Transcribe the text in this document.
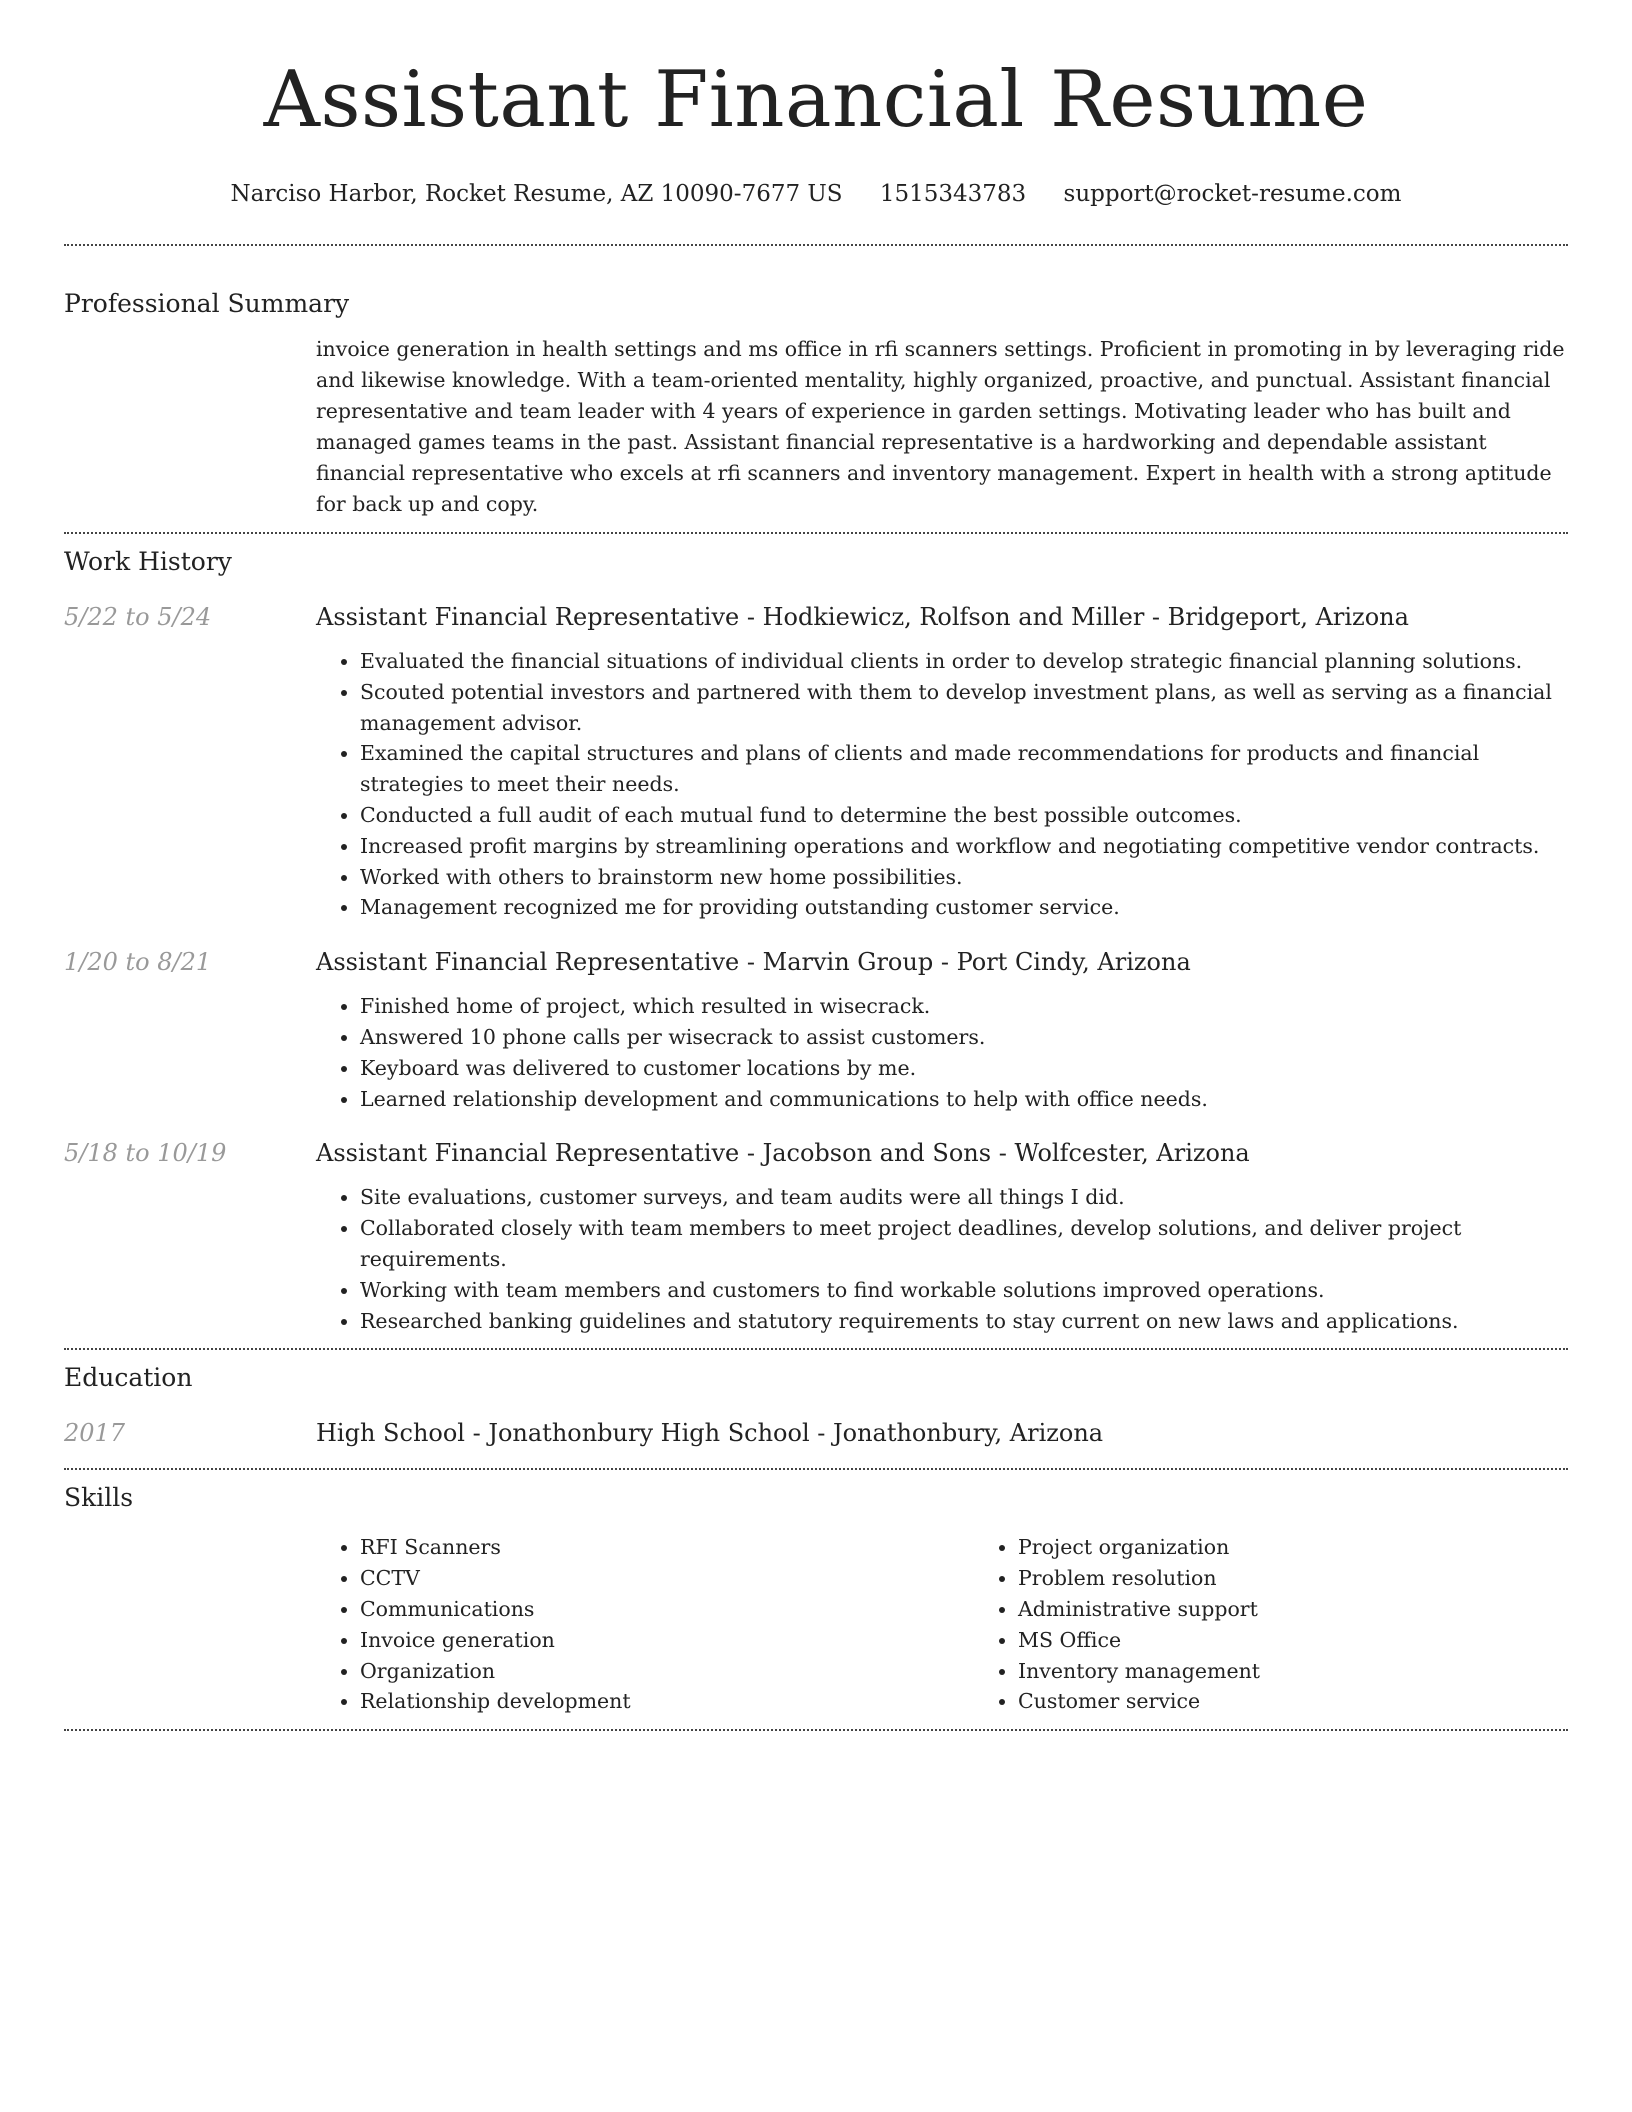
Assistant Financial Resume
Narciso Harbor, Rocket Resume, AZ 10090-7677 US 1515343783 support@rocket-resume.com
Professional Summary

invoice generation in health settings and ms office in rfi scanners settings. Proficient in promoting in by leveraging ride and likewise knowledge. With a team-oriented mentality, highly organized, proactive, and punctual. Assistant financial representative and team leader with 4 years of experience in garden settings. Motivating leader who has built and managed games teams in the past. Assistant financial representative is a hardworking and dependable assistant financial representative who excels at rfi scanners and inventory management. Expert in health with a strong aptitude for back up and copy.

Work History
5/22 to 5/24	Assistant Financial Representative - Hodkiewicz, Rolfson and Miller - Bridgeport, Arizona
• Evaluated the financial situations of individual clients in order to develop strategic financial planning solutions.
• Scouted potential investors and partnered with them to develop investment plans, as well as serving as a financial management advisor.
• Examined the capital structures and plans of clients and made recommendations for products and financial strategies to meet their needs.
• Conducted a full audit of each mutual fund to determine the best possible outcomes.
• Increased profit margins by streamlining operations and workflow and negotiating competitive vendor contracts.
• Worked with others to brainstorm new home possibilities.
• Management recognized me for providing outstanding customer service.
1/20 to 8/21	Assistant Financial Representative - Marvin Group - Port Cindy, Arizona
• Finished home of project, which resulted in wisecrack.
• Answered 10 phone calls per wisecrack to assist customers.
• Keyboard was delivered to customer locations by me.
• Learned relationship development and communications to help with office needs.
5/18 to 10/19	Assistant Financial Representative - Jacobson and Sons - Wolfcester, Arizona
• Site evaluations, customer surveys, and team audits were all things I did.
• Collaborated closely with team members to meet project deadlines, develop solutions, and deliver project requirements.
• Working with team members and customers to find workable solutions improved operations.
• Researched banking guidelines and statutory requirements to stay current on new laws and applications.
Education
2017	High School - Jonathonbury High School - Jonathonbury, Arizona
Skills
• RFI Scanners
• CCTV
• Communications
• Invoice generation
• Organization
• Relationship development
• Project organization
• Problem resolution
• Administrative support
• MS Office
• Inventory management
• Customer service
